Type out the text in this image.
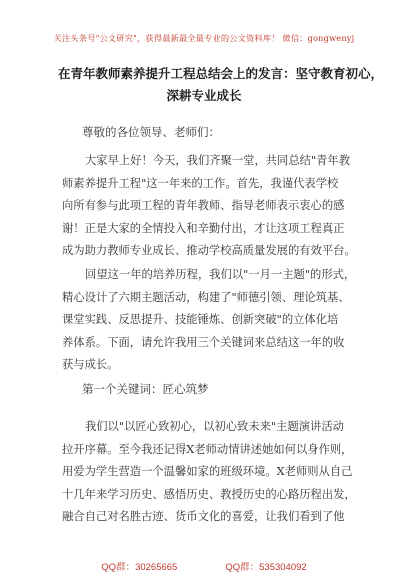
关注头条号"公文研究"，获得最新最全最专业的公文资料库！ 微信：gongwenyj
在青年教师素养提升工程总结会上的发言：坚守教育初心，
深耕专业成长
尊敬的各位领导、老师们：
大家早上好！今天，我们齐聚一堂，共同总结"青年教
师素养提升工程"这一年来的工作。首先，我谨代表学校
向所有参与此项工程的青年教师、指导老师表示衷心的感
谢！正是大家的全情投入和辛勤付出，才让这项工程真正
成为助力教师专业成长、推动学校高质量发展的有效平台。
回望这一年的培养历程，我们以"一月一主题"的形式，
精心设计了六期主题活动，构建了"师德引领、理论筑基、
课堂实践、反思提升、技能锤炼、创新突破"的立体化培
养体系。下面，请允许我用三个关键词来总结这一年的收
获与成长。
第一个关键词：匠心筑梦
我们以"以匠心致初心，以初心致未来"主题演讲活动
拉开序幕。至今我还记得X老师动情讲述她如何以身作则，
用爱为学生营造一个温馨如家的班级环境。X老师则从自己
十几年来学习历史、感悟历史、教授历史的心路历程出发，
融合自己对名胜古迹、货币文化的喜爱，让我们看到了他
QQ群：30265665	QQ群：535304092
